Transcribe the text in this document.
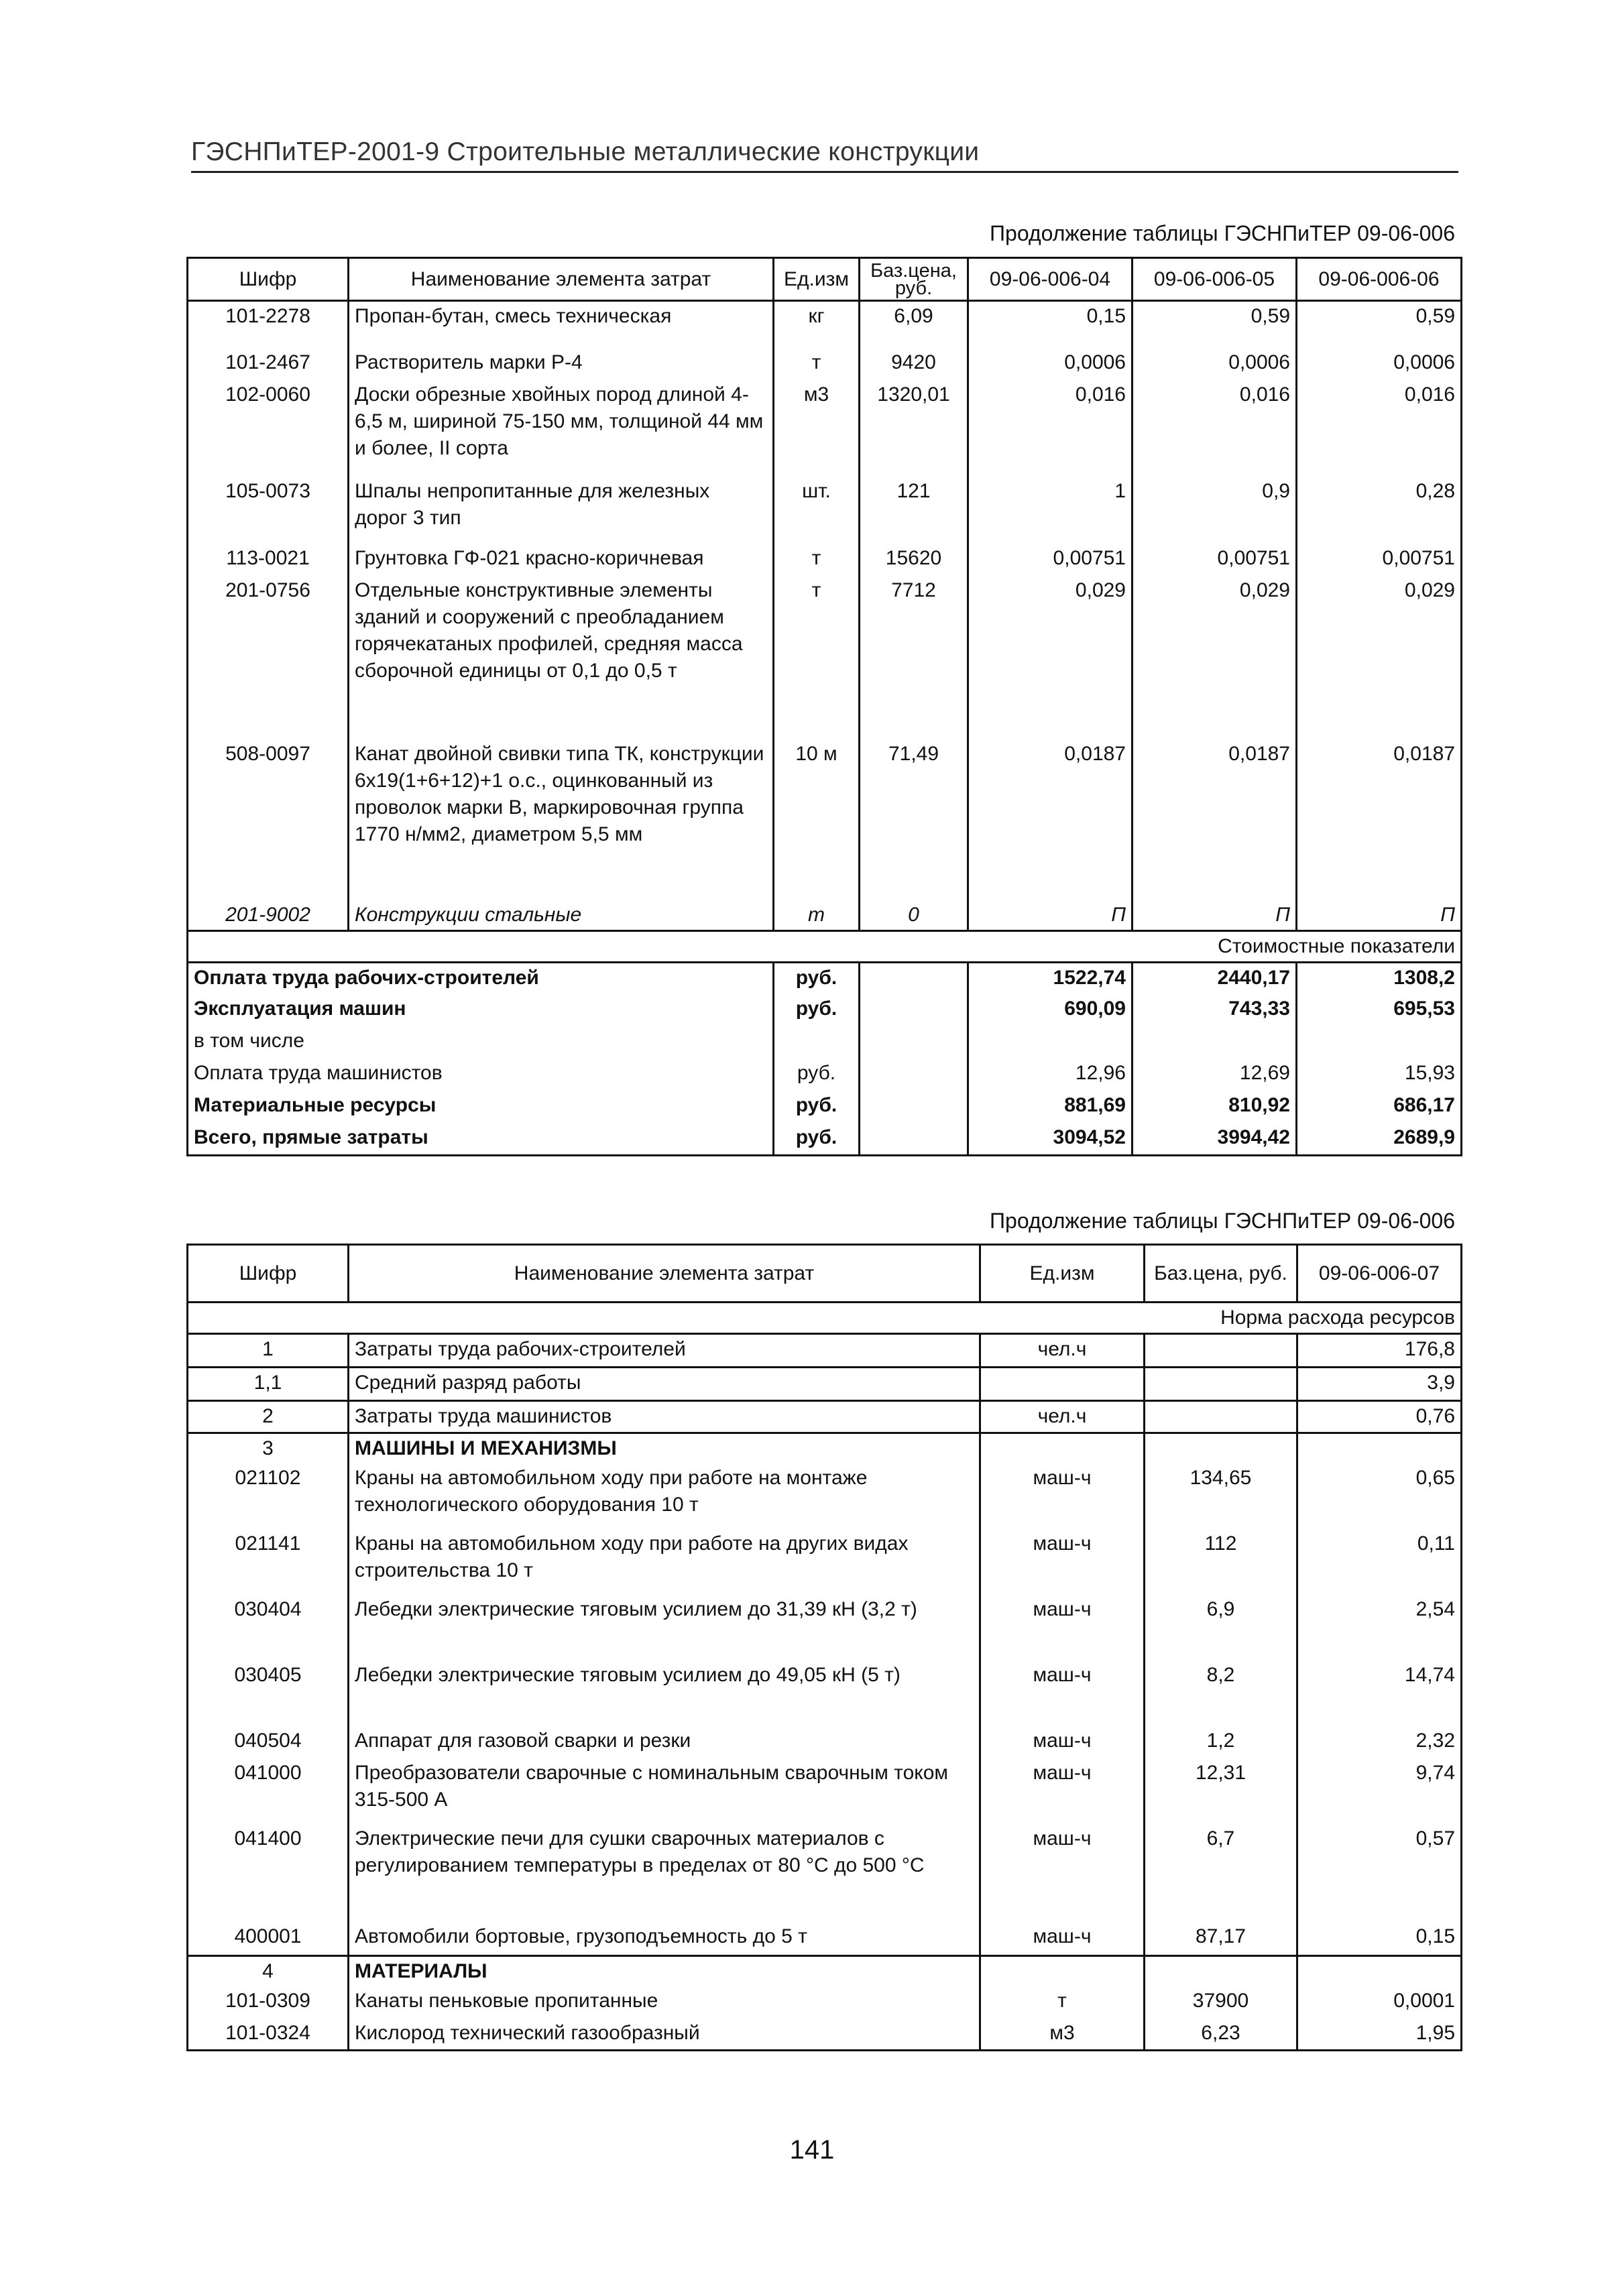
ГЭСНПиТЕР-2001-9 Строительные металлические конструкции
Продолжение таблицы ГЭСНПиТЕР 09-06-006
Шифр	Наименование элемента затрат	Ед.изм	Баз.цена, руб.	09-06-006-04	09-06-006-05	09-06-006-06
101-2278	Пропан-бутан, смесь техническая	кг	6,09	0,15	0,59	0,59
101-2467	Растворитель марки Р-4	т	9420	0,0006	0,0006	0,0006
102-0060	Доски обрезные хвойных пород длиной 4-6,5 м, шириной 75-150 мм, толщиной 44 мм и более, II сорта	м3	1320,01	0,016	0,016	0,016
105-0073	Шпалы непропитанные для железных дорог 3 тип	шт.	121	1	0,9	0,28
113-0021	Грунтовка ГФ-021 красно-коричневая	т	15620	0,00751	0,00751	0,00751
201-0756	Отдельные конструктивные элементы зданий и сооружений с преобладанием горячекатаных профилей, средняя масса сборочной единицы от 0,1 до 0,5 т	т	7712	0,029	0,029	0,029
508-0097	Канат двойной свивки типа ТК, конструкции 6х19(1+6+12)+1 о.с., оцинкованный из проволок марки В, маркировочная группа 1770 н/мм2, диаметром 5,5 мм	10 м	71,49	0,0187	0,0187	0,0187
201-9002	Конструкции стальные	т	0	П	П	П
Стоимостные показатели						
Оплата труда рабочих-строителей		руб.		1522,74	2440,17	1308,2
Эксплуатация машин		руб.		690,09	743,33	695,53
в том числе						
Оплата труда машинистов		руб.		12,96	12,69	15,93
Материальные ресурсы		руб.		881,69	810,92	686,17
Всего, прямые затраты		руб.		3094,52	3994,42	2689,9
Продолжение таблицы ГЭСНПиТЕР 09-06-006
Шифр	Наименование элемента затрат	Ед.изм	Баз.цена, руб.	09-06-006-07
Норма расхода ресурсов				
1	Затраты труда рабочих-строителей	чел.ч		176,8
1,1	Средний разряд работы			3,9
2	Затраты труда машинистов	чел.ч		0,76
3	МАШИНЫ И МЕХАНИЗМЫ			
021102	Краны на автомобильном ходу при работе на монтаже технологического оборудования 10 т	маш-ч	134,65	0,65
021141	Краны на автомобильном ходу при работе на других видах строительства 10 т	маш-ч	112	0,11
030404	Лебедки электрические тяговым усилием до 31,39 кН (3,2 т)	маш-ч	6,9	2,54
030405	Лебедки электрические тяговым усилием до 49,05 кН (5 т)	маш-ч	8,2	14,74
040504	Аппарат для газовой сварки и резки	маш-ч	1,2	2,32
041000	Преобразователи сварочные с номинальным сварочным током 315-500 А	маш-ч	12,31	9,74
041400	Электрические печи для сушки сварочных материалов с регулированием температуры в пределах от 80 °С до 500 °С	маш-ч	6,7	0,57
400001	Автомобили бортовые, грузоподъемность до 5 т	маш-ч	87,17	0,15
4	МАТЕРИАЛЫ			
101-0309	Канаты пеньковые пропитанные	т	37900	0,0001
101-0324	Кислород технический газообразный	м3	6,23	1,95
141
